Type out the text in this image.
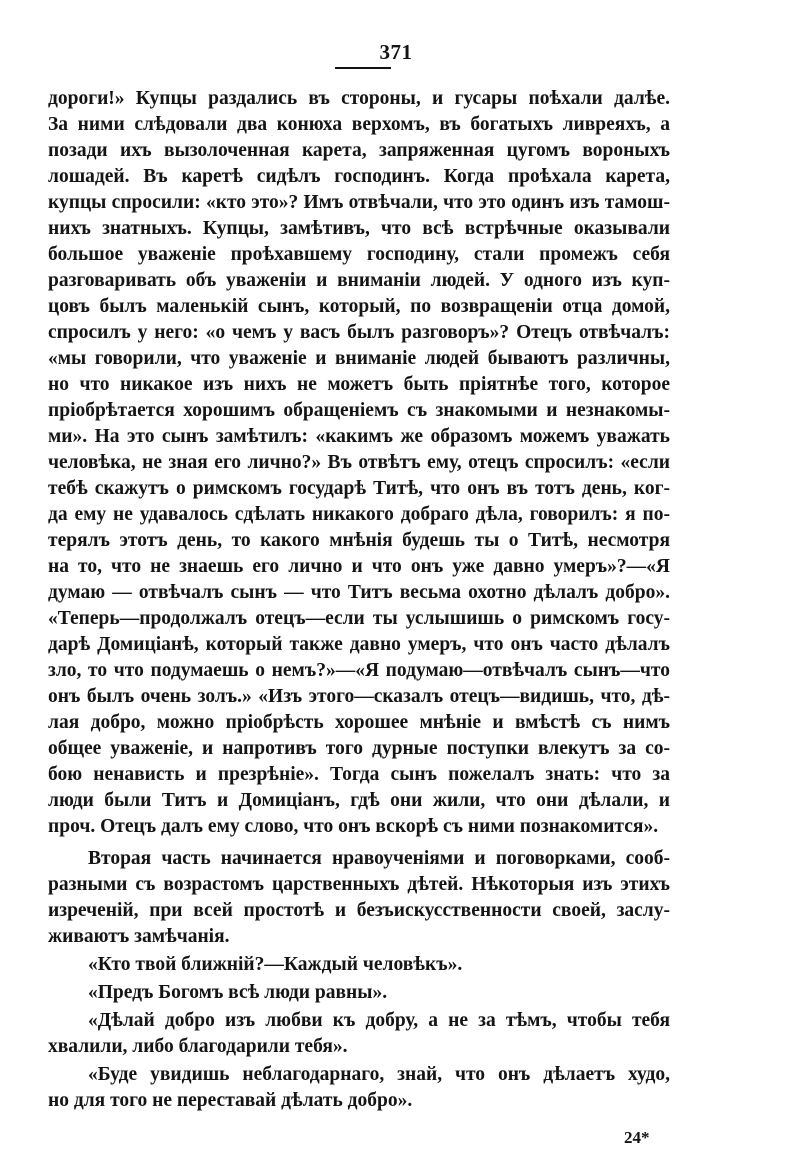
371
дороги!» Купцы раздались въ стороны, и гусары поѣхали далѣе.
За ними слѣдовали два конюха верхомъ, въ богатыхъ ливреяхъ, а
позади ихъ вызолоченная карета, запряженная цугомъ вороныхъ
лошадей. Въ каретѣ сидѣлъ господинъ. Когда проѣхала карета,
купцы спросили: «кто это»? Имъ отвѣчали, что это одинъ изъ тамош-
нихъ знатныхъ. Купцы, замѣтивъ, что всѣ встрѣчные оказывали
большое уваженіе проѣхавшему господину, стали промежъ себя
разговаривать объ уваженіи и вниманіи людей. У одного изъ куп-
цовъ былъ маленькій сынъ, который, по возвращеніи отца домой,
спросилъ у него: «о чемъ у васъ былъ разговоръ»? Отецъ отвѣчалъ:
«мы говорили, что уваженіе и вниманіе людей бываютъ различны,
но что никакое изъ нихъ не можетъ быть пріятнѣе того, которое
пріобрѣтается хорошимъ обращеніемъ съ знакомыми и незнакомы-
ми». На это сынъ замѣтилъ: «какимъ же образомъ можемъ уважать
человѣка, не зная его лично?» Въ отвѣтъ ему, отецъ спросилъ: «если
тебѣ скажутъ о римскомъ государѣ Титѣ, что онъ въ тотъ день, ког-
да ему не удавалось сдѣлать никакого добраго дѣла, говорилъ: я по-
терялъ этотъ день, то какого мнѣнія будешь ты о Титѣ, несмотря
на то, что не знаешь его лично и что онъ уже давно умеръ»?—«Я
думаю — отвѣчалъ сынъ — что Титъ весьма охотно дѣлалъ добро».
«Теперь—продолжалъ отецъ—если ты услышишь о римскомъ госу-
дарѣ Домиціанѣ, который также давно умеръ, что онъ часто дѣлалъ
зло, то что подумаешь о немъ?»—«Я подумаю—отвѣчалъ сынъ—что
онъ былъ очень золъ.» «Изъ этого—сказалъ отецъ—видишь, что, дѣ-
лая добро, можно пріобрѣсть хорошее мнѣніе и вмѣстѣ съ нимъ
общее уваженіе, и напротивъ того дурные поступки влекутъ за со-
бою ненависть и презрѣніе». Тогда сынъ пожелалъ знать: что за
люди были Титъ и Домиціанъ, гдѣ они жили, что они дѣлали, и
проч. Отецъ далъ ему слово, что онъ вскорѣ съ ними познакомится».
Вторая часть начинается нравоученіями и поговорками, сооб-
разными съ возрастомъ царственныхъ дѣтей. Нѣкоторыя изъ этихъ
изреченій, при всей простотѣ и безъискусственности своей, заслу-
живаютъ замѣчанія.
«Кто твой ближній?—Каждый человѣкъ».
«Предъ Богомъ всѣ люди равны».
«Дѣлай добро изъ любви къ добру, а не за тѣмъ, чтобы тебя
хвалили, либо благодарили тебя».
«Буде увидишь неблагодарнаго, знай, что онъ дѣлаетъ худо,
но для того не переставай дѣлать добро».
24*
